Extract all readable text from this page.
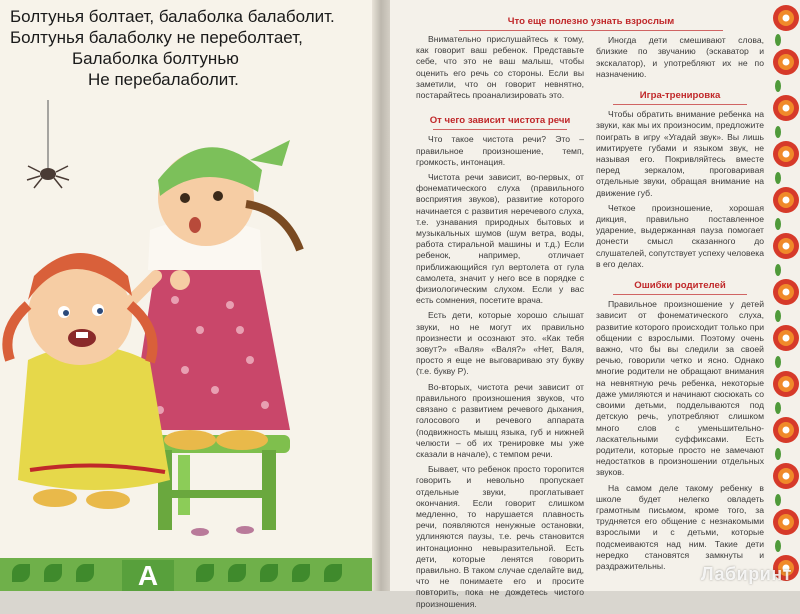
Болтунья болтает, балаболка балаболит.
Болтунья балаболку не переболтает,
Балаболка болтунью
Не перебалаболит.
А

Внимательно прислушайтесь к тому, как говорит ваш ребенок. Представьте себе, что это не ваш малыш, чтобы оценить его речь со стороны. Если вы заметили, что он говорит невнятно, постарайтесь проанализировать это.

От чего зависит чистота речи

Что такое чистота речи? Это – правильное произношение, темп, громкость, интонация.

Чистота речи зависит, во-первых, от фонематического слуха (правильного восприятия звуков), развитие которого начинается с развития неречевого слуха, т.е. узнавания природных бытовых и музыкальных шумов (шум ветра, воды, работа стиральной машины и т.д.) Если ребенок, например, отличает приближающийся гул вертолета от гула самолета, значит у него все в порядке с физиологическим слухом. Если у вас есть сомнения, посетите врача.

Есть дети, которые хорошо слышат звуки, но не могут их правильно произнести и осознают это. «Как тебя зовут?» «Валя» «Валя?» «Нет, Валя, просто я еще не выговариваю эту букву (т.е. букву Р).

Во-вторых, чистота речи зависит от правильного произношения звуков, что связано с развитием речевого дыхания, голосового и речевого аппарата (подвижность мышц языка, губ и нижней челюсти – об их тренировке мы уже сказали в начале), с темпом речи.

Бывает, что ребенок просто торопится говорить и невольно пропускает отдельные звуки, проглатывает окончания. Если говорит слишком медленно, то нарушается плавность речи, появляются ненужные остановки, удлиняются паузы, т.е. речь становится интонационно невыразительной. Есть дети, которые ленятся говорить правильно. В таком случае сделайте вид, что не понимаете его и просите повторить, пока не дождетесь чистого произношения.

Что еще полезно узнать взрослым

Иногда дети смешивают слова, близкие по звучанию (эскаватор и экскалатор), и употребляют их не по назначению.

Игра-тренировка

Чтобы обратить внимание ребенка на звуки, как мы их произносим, предложите поиграть в игру «Угадай звук». Вы лишь имитируете губами и языком звук, не называя его. Покривляйтесь вместе перед зеркалом, проговаривая отдельные звуки, обращая внимание на движение губ.

Четкое произношение, хорошая дикция, правильно поставленное ударение, выдержанная пауза помогает донести смысл сказанного до слушателей, сопутствует успеху человека в его делах.

Ошибки родителей

Правильное произношение у детей зависит от фонематического слуха, развитие которого происходит только при общении с взрослыми. Поэтому очень важно, что бы вы следили за своей речью, говорили четко и ясно. Однако многие родители не обращают внимания на невнятную речь ребенка, некоторые даже умиляются и начинают сюсюкать со своими детьми, подделываются под детскую речь, употребляют слишком много слов с уменьшительно-ласкательными суффиксами. Есть родители, которые просто не замечают недостатков в произношении отдельных звуков.

На самом деле такому ребенку в школе будет нелегко овладеть грамотным письмом, кроме того, за трудняется его общение с незнакомыми взрослыми и с детьми, которые подсмеиваются над ним. Такие дети нередко становятся замкнуты и раздражительны.	Лабиринт
